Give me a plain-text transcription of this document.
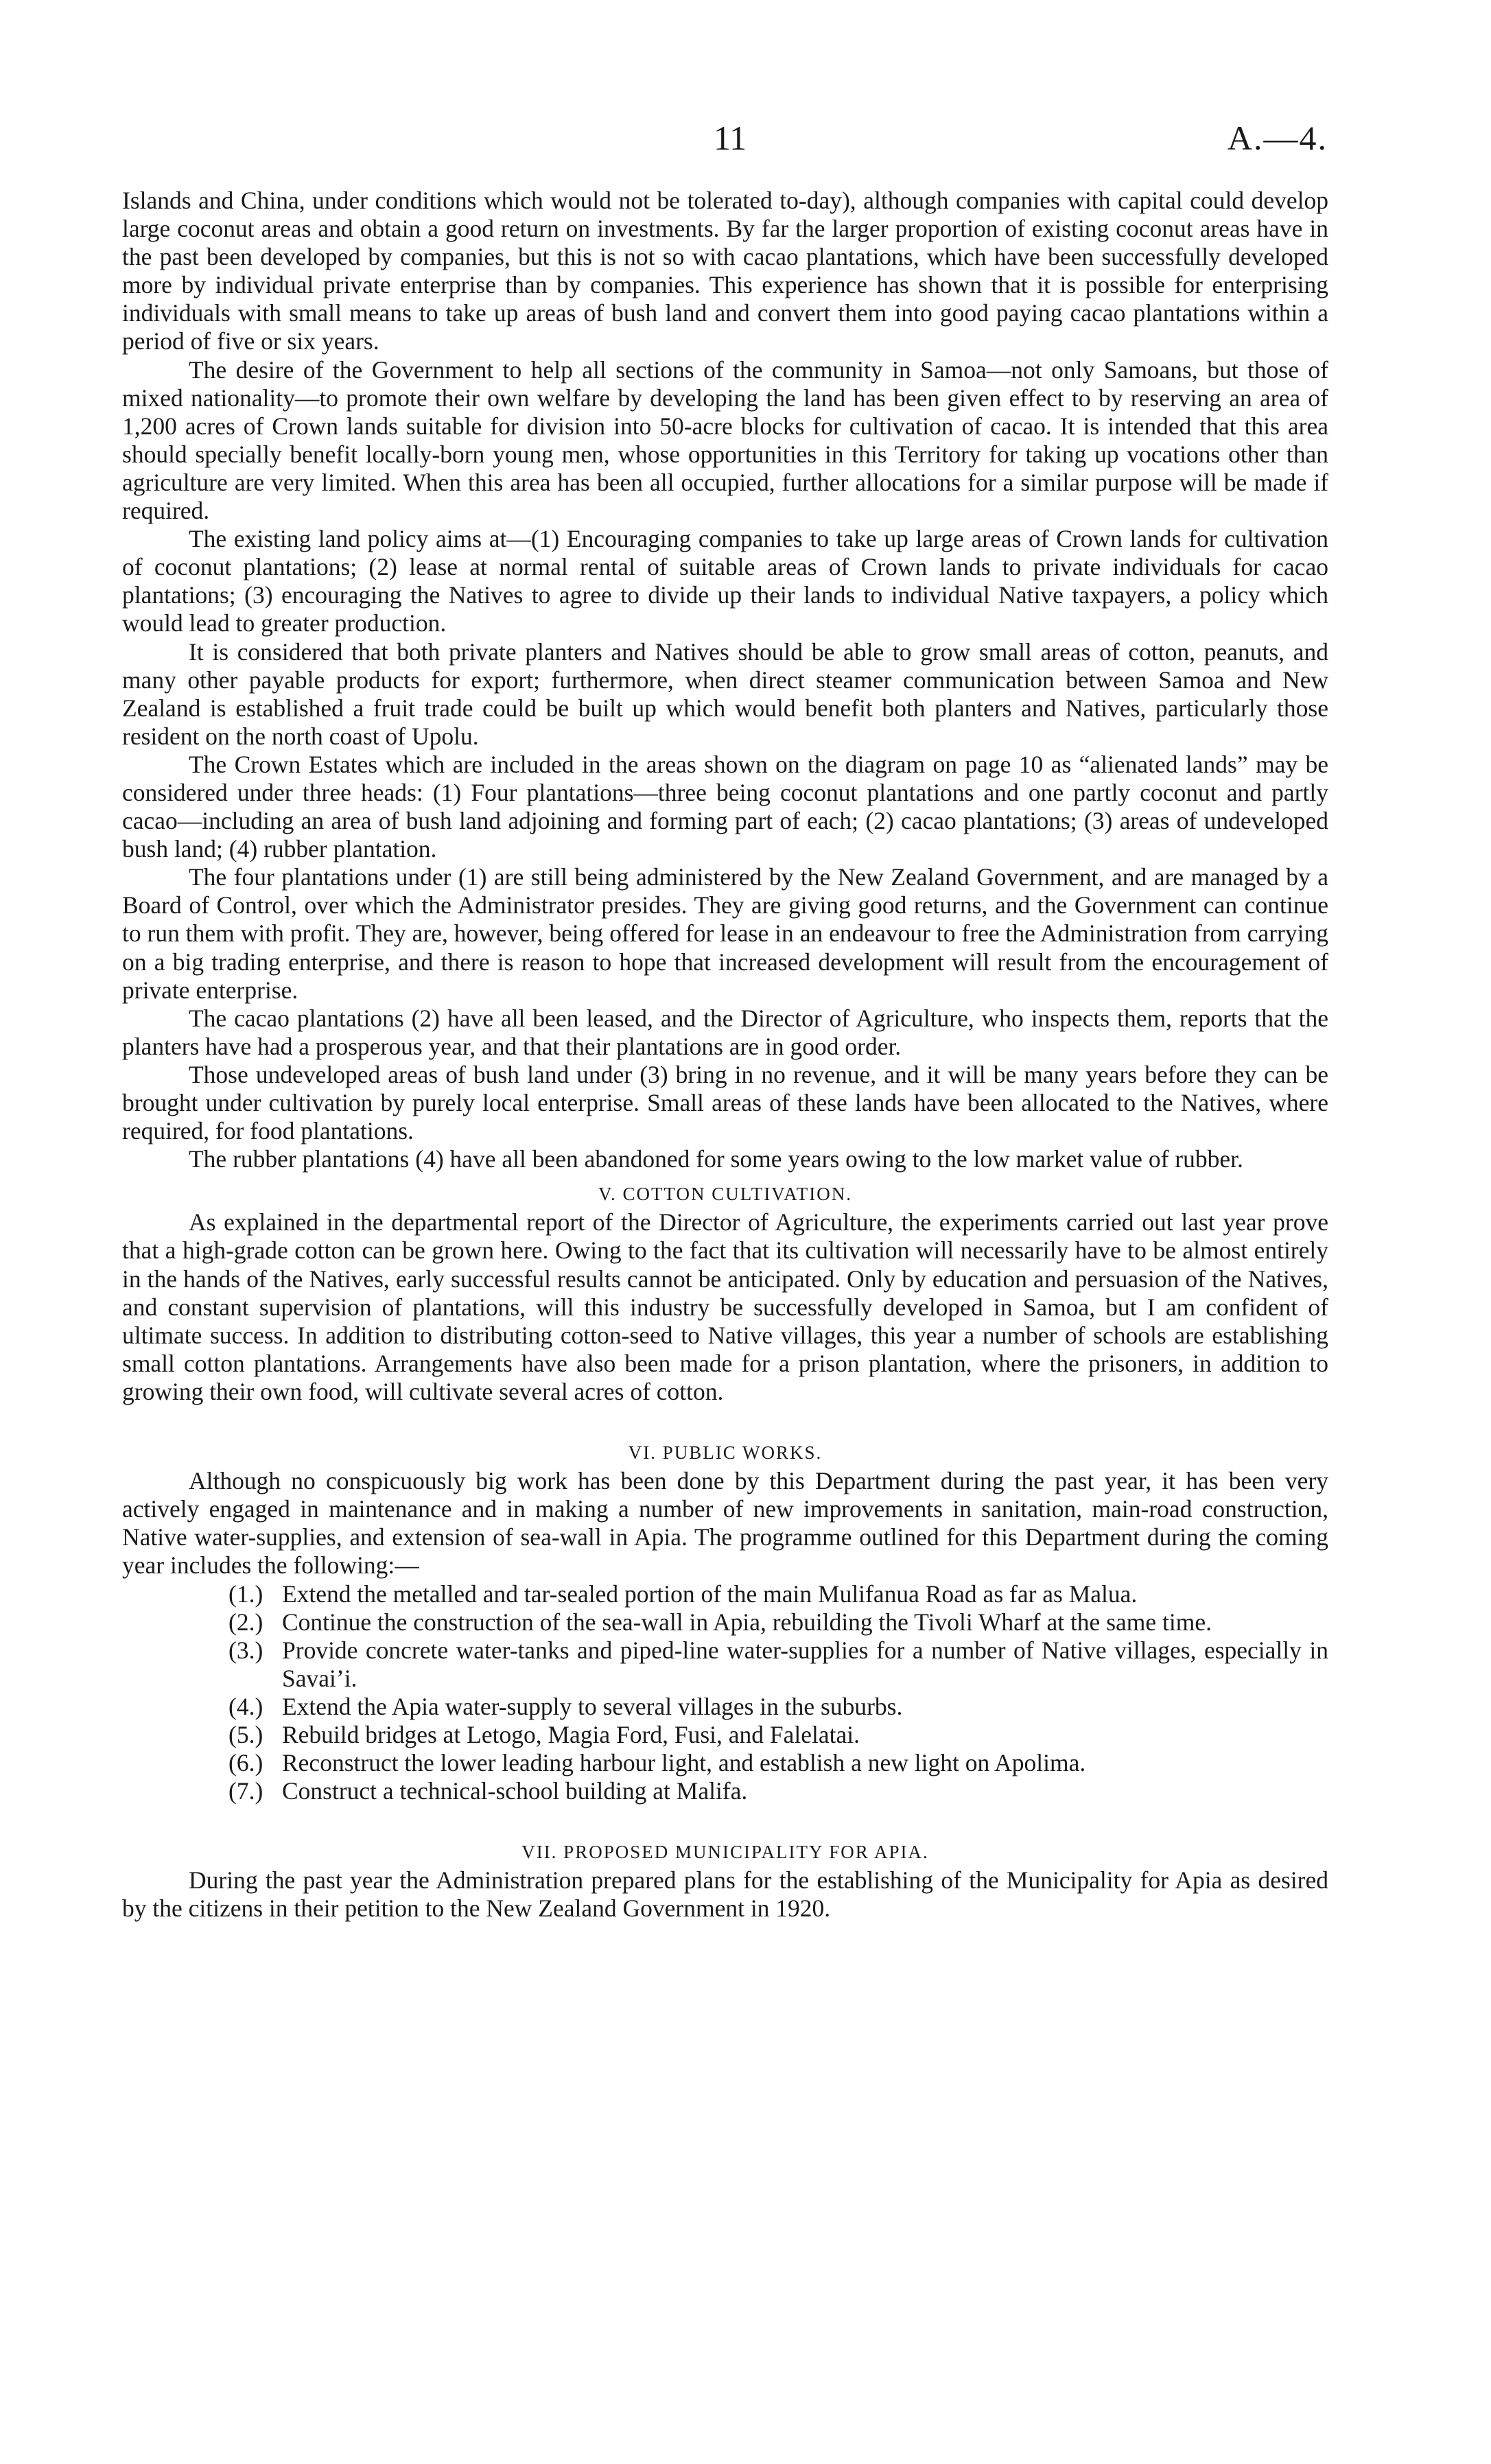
11	A.—4.

Islands and China, under conditions which would not be tolerated to-day), although companies with capital could develop large coconut areas and obtain a good return on investments. By far the larger proportion of existing coconut areas have in the past been developed by companies, but this is not so with cacao plantations, which have been successfully developed more by individual private enterprise than by companies. This experience has shown that it is possible for enterprising individuals with small means to take up areas of bush land and convert them into good paying cacao plantations within a period of five or six years.

The desire of the Government to help all sections of the community in Samoa—not only Samoans, but those of mixed nationality—to promote their own welfare by developing the land has been given effect to by reserving an area of 1,200 acres of Crown lands suitable for division into 50-acre blocks for cultivation of cacao. It is intended that this area should specially benefit locally-born young men, whose opportunities in this Territory for taking up vocations other than agriculture are very limited. When this area has been all occupied, further allocations for a similar purpose will be made if required.

The existing land policy aims at—(1) Encouraging companies to take up large areas of Crown lands for cultivation of coconut plantations; (2) lease at normal rental of suitable areas of Crown lands to private individuals for cacao plantations; (3) encouraging the Natives to agree to divide up their lands to individual Native taxpayers, a policy which would lead to greater production.

It is considered that both private planters and Natives should be able to grow small areas of cotton, peanuts, and many other payable products for export; furthermore, when direct steamer communication between Samoa and New Zealand is established a fruit trade could be built up which would benefit both planters and Natives, particularly those resident on the north coast of Upolu.

The Crown Estates which are included in the areas shown on the diagram on page 10 as “alienated lands” may be considered under three heads: (1) Four plantations—three being coconut plantations and one partly coconut and partly cacao—including an area of bush land adjoining and forming part of each; (2) cacao plantations; (3) areas of undeveloped bush land; (4) rubber plantation.

The four plantations under (1) are still being administered by the New Zealand Government, and are managed by a Board of Control, over which the Administrator presides. They are giving good returns, and the Government can continue to run them with profit. They are, however, being offered for lease in an endeavour to free the Administration from carrying on a big trading enterprise, and there is reason to hope that increased development will result from the encouragement of private enterprise.

The cacao plantations (2) have all been leased, and the Director of Agriculture, who inspects them, reports that the planters have had a prosperous year, and that their plantations are in good order.

Those undeveloped areas of bush land under (3) bring in no revenue, and it will be many years before they can be brought under cultivation by purely local enterprise. Small areas of these lands have been allocated to the Natives, where required, for food plantations.

The rubber plantations (4) have all been abandoned for some years owing to the low market value of rubber.

V. COTTON CULTIVATION.

As explained in the departmental report of the Director of Agriculture, the experiments carried out last year prove that a high-grade cotton can be grown here. Owing to the fact that its cultivation will necessarily have to be almost entirely in the hands of the Natives, early successful results cannot be anticipated. Only by education and persuasion of the Natives, and constant supervision of plantations, will this industry be successfully developed in Samoa, but I am confident of ultimate success. In addition to distributing cotton-seed to Native villages, this year a number of schools are establishing small cotton plantations. Arrangements have also been made for a prison plantation, where the prisoners, in addition to growing their own food, will cultivate several acres of cotton.

VI. PUBLIC WORKS.

Although no conspicuously big work has been done by this Department during the past year, it has been very actively engaged in maintenance and in making a number of new improvements in sanitation, main-road construction, Native water-supplies, and extension of sea-wall in Apia. The programme outlined for this Department during the coming year includes the following:—

(1.) Extend the metalled and tar-sealed portion of the main Mulifanua Road as far as Malua.
(2.) Continue the construction of the sea-wall in Apia, rebuilding the Tivoli Wharf at the same time.
(3.) Provide concrete water-tanks and piped-line water-supplies for a number of Native villages, especially in Savai’i.
(4.) Extend the Apia water-supply to several villages in the suburbs.
(5.) Rebuild bridges at Letogo, Magia Ford, Fusi, and Falelatai.
(6.) Reconstruct the lower leading harbour light, and establish a new light on Apolima.
(7.) Construct a technical-school building at Malifa.
VII. PROPOSED MUNICIPALITY FOR APIA.

During the past year the Administration prepared plans for the establishing of the Municipality for Apia as desired by the citizens in their petition to the New Zealand Government in 1920.
